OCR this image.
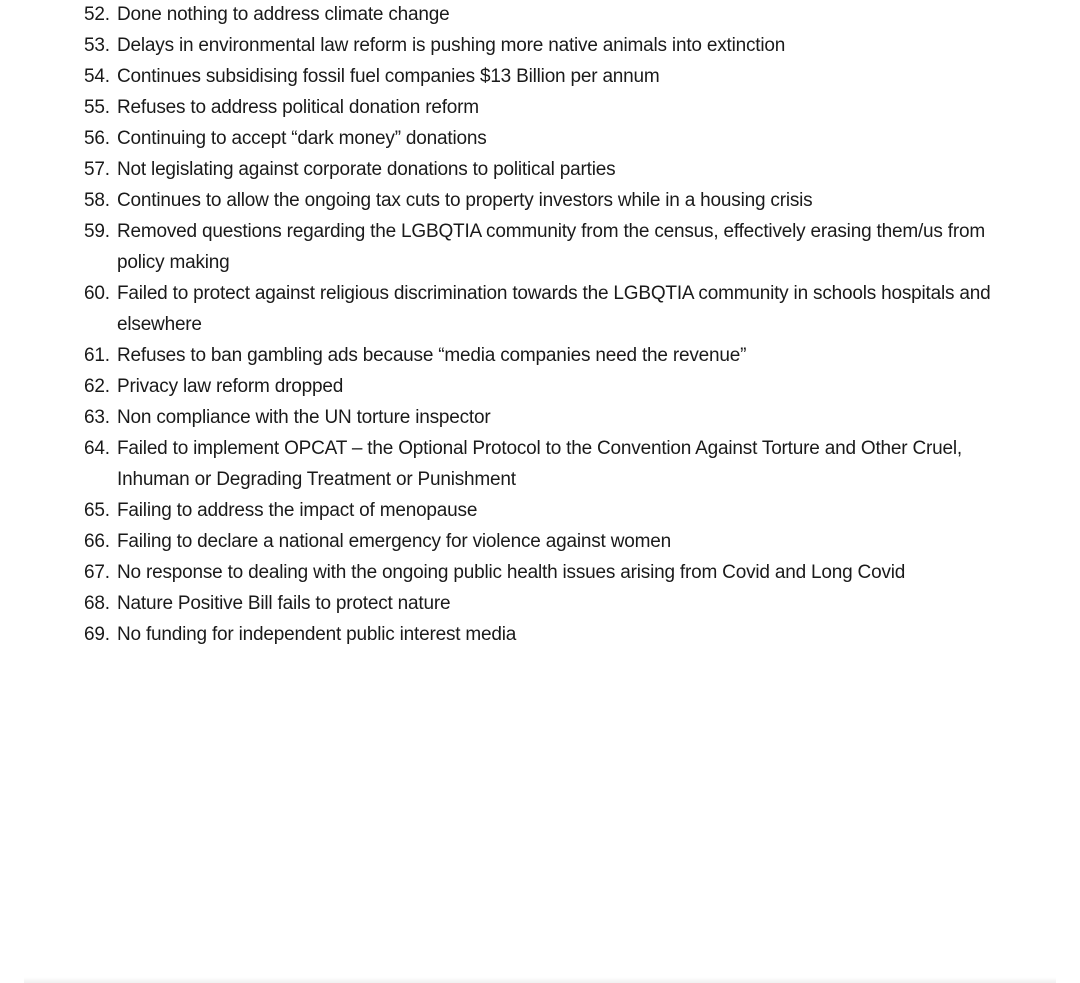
52. Done nothing to address climate change
53. Delays in environmental law reform is pushing more native animals into extinction
54. Continues subsidising fossil fuel companies $13 Billion per annum
55. Refuses to address political donation reform
56. Continuing to accept “dark money” donations
57. Not legislating against corporate donations to political parties
58. Continues to allow the ongoing tax cuts to property investors while in a housing crisis
59. Removed questions regarding the LGBQTIA community from the census, effectively erasing them/us from policy making
60. Failed to protect against religious discrimination towards the LGBQTIA community in schools hospitals and elsewhere
61. Refuses to ban gambling ads because “media companies need the revenue”
62. Privacy law reform dropped
63. Non compliance with the UN torture inspector
64. Failed to implement OPCAT – the Optional Protocol to the Convention Against Torture and Other Cruel, Inhuman or Degrading Treatment or Punishment
65. Failing to address the impact of menopause
66. Failing to declare a national emergency for violence against women
67. No response to dealing with the ongoing public health issues arising from Covid and Long Covid
68. Nature Positive Bill fails to protect nature
69. No funding for independent public interest media
